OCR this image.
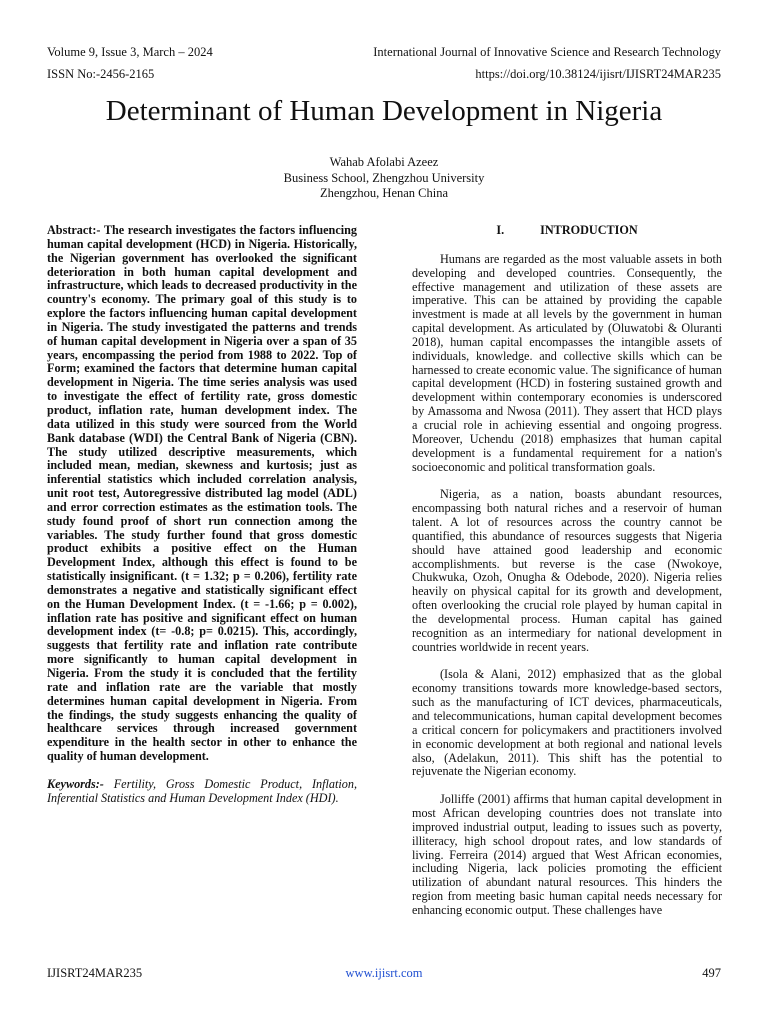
Volume 9, Issue 3, March – 2024	International Journal of Innovative Science and Research Technology
ISSN No:-2456-2165	https://doi.org/10.38124/ijisrt/IJISRT24MAR235
Determinant of Human Development in Nigeria
Wahab Afolabi Azeez
Business School, Zhengzhou University
Zhengzhou, Henan China

Abstract:- The research investigates the factors influencing human capital development (HCD) in Nigeria. Historically, the Nigerian government has overlooked the significant deterioration in both human capital development and infrastructure, which leads to decreased productivity in the country's economy. The primary goal of this study is to explore the factors influencing human capital development in Nigeria. The study investigated the patterns and trends of human capital development in Nigeria over a span of 35 years, encompassing the period from 1988 to 2022. Top of Form; examined the factors that determine human capital development in Nigeria. The time series analysis was used to investigate the effect of fertility rate, gross domestic product, inflation rate, human development index. The data utilized in this study were sourced from the World Bank database (WDI) the Central Bank of Nigeria (CBN). The study utilized descriptive measurements, which included mean, median, skewness and kurtosis; just as inferential statistics which included correlation analysis, unit root test, Autoregressive distributed lag model (ADL) and error correction estimates as the estimation tools. The study found proof of short run connection among the variables. The study further found that gross domestic product exhibits a positive effect on the Human Development Index, although this effect is found to be statistically insignificant. (t = 1.32; p = 0.206), fertility rate demonstrates a negative and statistically significant effect on the Human Development Index. (t = -1.66; p = 0.002), inflation rate has positive and significant effect on human development index (t= -0.8; p= 0.0215). This, accordingly, suggests that fertility rate and inflation rate contribute more significantly to human capital development in Nigeria. From the study it is concluded that the fertility rate and inflation rate are the variable that mostly determines human capital development in Nigeria. From the findings, the study suggests enhancing the quality of healthcare services through increased government expenditure in the health sector in other to enhance the quality of human development.

Keywords:- Fertility, Gross Domestic Product, Inflation, Inferential Statistics and Human Development Index (HDI).

I.	INTRODUCTION

Humans are regarded as the most valuable assets in both developing and developed countries. Consequently, the effective management and utilization of these assets are imperative. This can be attained by providing the capable investment is made at all levels by the government in human capital development. As articulated by (Oluwatobi & Oluranti 2018), human capital encompasses the intangible assets of individuals, knowledge. and collective skills which can be harnessed to create economic value. The significance of human capital development (HCD) in fostering sustained growth and development within contemporary economies is underscored by Amassoma and Nwosa (2011). They assert that HCD plays a crucial role in achieving essential and ongoing progress. Moreover, Uchendu (2018) emphasizes that human capital development is a fundamental requirement for a nation's socioeconomic and political transformation goals.

Nigeria, as a nation, boasts abundant resources, encompassing both natural riches and a reservoir of human talent. A lot of resources across the country cannot be quantified, this abundance of resources suggests that Nigeria should have attained good leadership and economic accomplishments. but reverse is the case (Nwokoye, Chukwuka, Ozoh, Onugha & Odebode, 2020). Nigeria relies heavily on physical capital for its growth and development, often overlooking the crucial role played by human capital in the developmental process. Human capital has gained recognition as an intermediary for national development in countries worldwide in recent years.

(Isola & Alani, 2012) emphasized that as the global economy transitions towards more knowledge-based sectors, such as the manufacturing of ICT devices, pharmaceuticals, and telecommunications, human capital development becomes a critical concern for policymakers and practitioners involved in economic development at both regional and national levels also, (Adelakun, 2011). This shift has the potential to rejuvenate the Nigerian economy.

Jolliffe (2001) affirms that human capital development in most African developing countries does not translate into improved industrial output, leading to issues such as poverty, illiteracy, high school dropout rates, and low standards of living. Ferreira (2014) argued that West African economies, including Nigeria, lack policies promoting the efficient utilization of abundant natural resources. This hinders the region from meeting basic human capital needs necessary for enhancing economic output. These challenges have

IJISRT24MAR235	www.ijisrt.com	497
